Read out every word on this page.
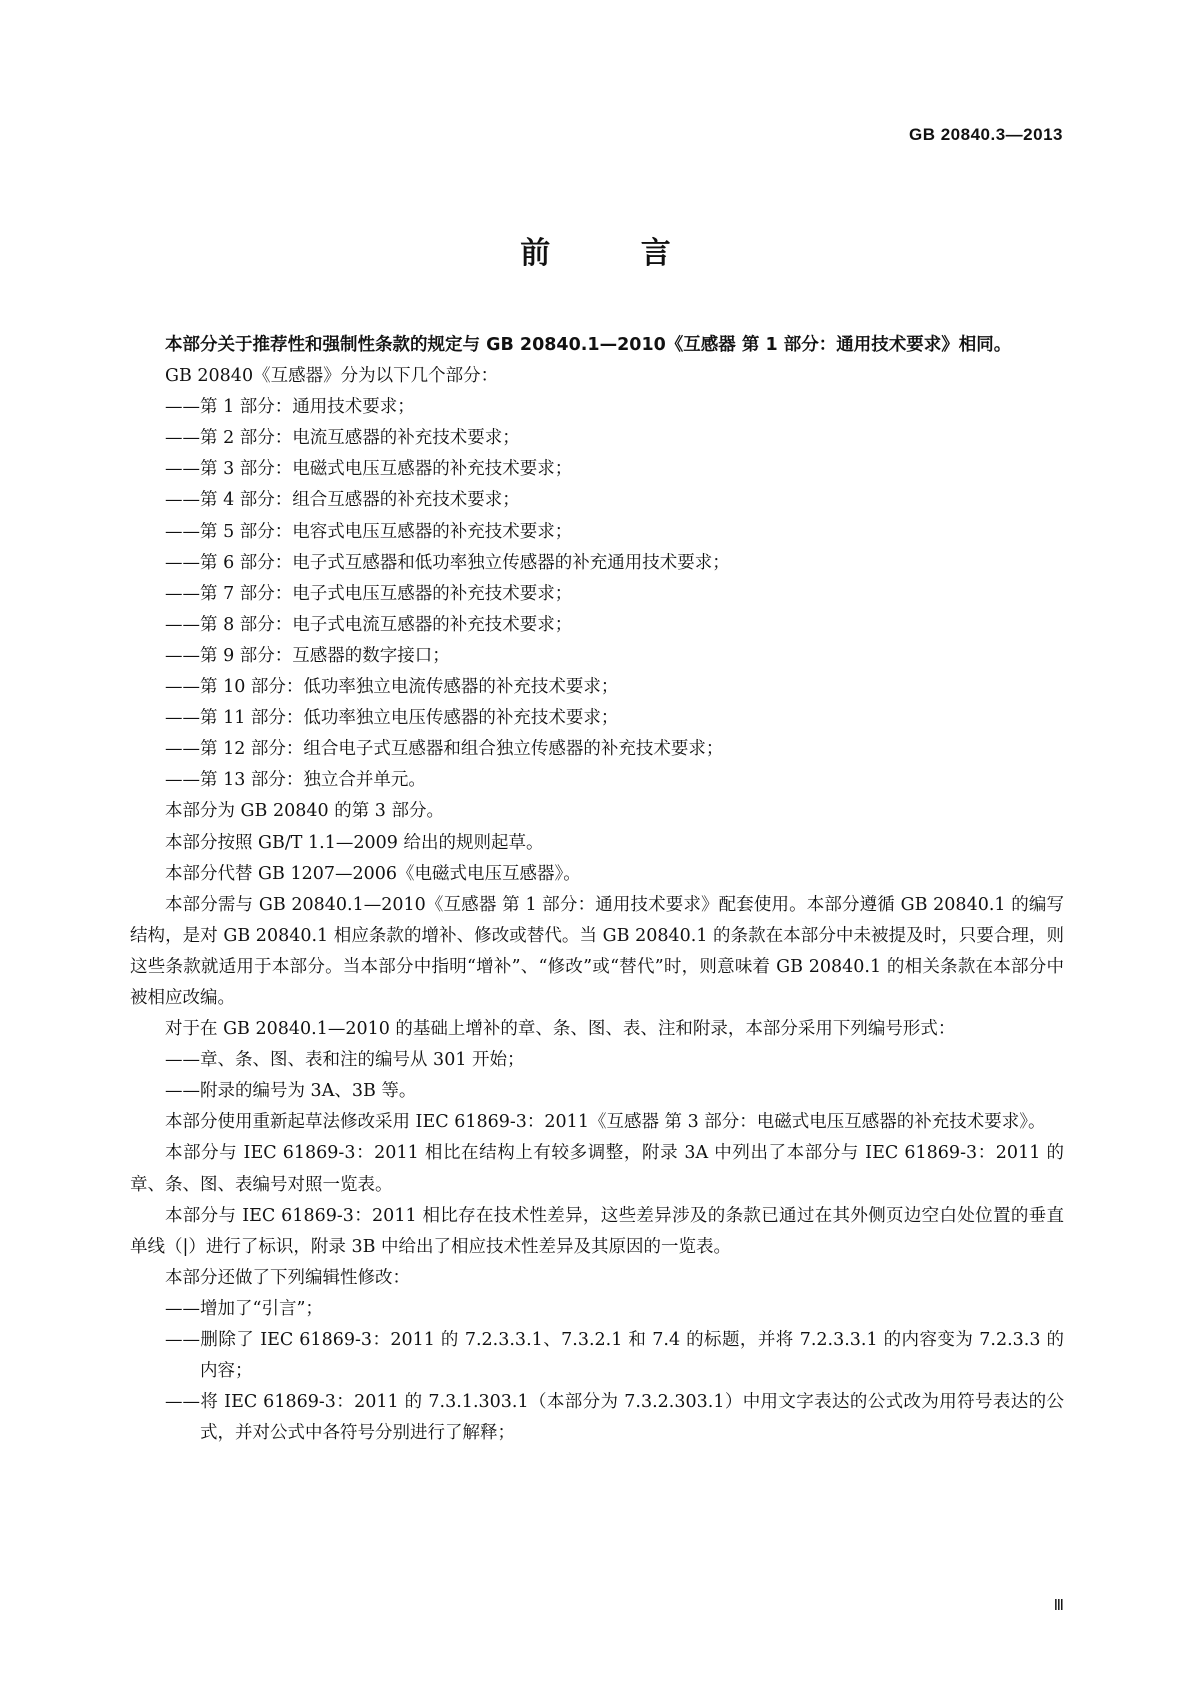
GB 20840.3—2013
前 言

本部分关于推荐性和强制性条款的规定与 GB 20840.1—2010《互感器 第 1 部分：通用技术要求》相同。

GB 20840《互感器》分为以下几个部分：

——第 1 部分：通用技术要求；

——第 2 部分：电流互感器的补充技术要求；

——第 3 部分：电磁式电压互感器的补充技术要求；

——第 4 部分：组合互感器的补充技术要求；

——第 5 部分：电容式电压互感器的补充技术要求；

——第 6 部分：电子式互感器和低功率独立传感器的补充通用技术要求；

——第 7 部分：电子式电压互感器的补充技术要求；

——第 8 部分：电子式电流互感器的补充技术要求；

——第 9 部分：互感器的数字接口；

——第 10 部分：低功率独立电流传感器的补充技术要求；

——第 11 部分：低功率独立电压传感器的补充技术要求；

——第 12 部分：组合电子式互感器和组合独立传感器的补充技术要求；

——第 13 部分：独立合并单元。

本部分为 GB 20840 的第 3 部分。

本部分按照 GB/T 1.1—2009 给出的规则起草。

本部分代替 GB 1207—2006《电磁式电压互感器》。

本部分需与 GB 20840.1—2010《互感器 第 1 部分：通用技术要求》配套使用。本部分遵循 GB 20840.1 的编写结构，是对 GB 20840.1 相应条款的增补、修改或替代。当 GB 20840.1 的条款在本部分中未被提及时，只要合理，则这些条款就适用于本部分。当本部分中指明“增补”、“修改”或“替代”时，则意味着 GB 20840.1 的相关条款在本部分中被相应改编。

对于在 GB 20840.1—2010 的基础上增补的章、条、图、表、注和附录，本部分采用下列编号形式：

——章、条、图、表和注的编号从 301 开始；

——附录的编号为 3A、3B 等。

本部分使用重新起草法修改采用 IEC 61869-3：2011《互感器 第 3 部分：电磁式电压互感器的补充技术要求》。

本部分与 IEC 61869-3：2011 相比在结构上有较多调整，附录 3A 中列出了本部分与 IEC 61869-3：2011 的章、条、图、表编号对照一览表。

本部分与 IEC 61869-3：2011 相比存在技术性差异，这些差异涉及的条款已通过在其外侧页边空白处位置的垂直单线（|）进行了标识，附录 3B 中给出了相应技术性差异及其原因的一览表。

本部分还做了下列编辑性修改：

——增加了“引言”；

——删除了 IEC 61869-3：2011 的 7.2.3.3.1、7.3.2.1 和 7.4 的标题，并将 7.2.3.3.1 的内容变为 7.2.3.3 的内容；

——将 IEC 61869-3：2011 的 7.3.1.303.1（本部分为 7.3.2.303.1）中用文字表达的公式改为用符号表达的公式，并对公式中各符号分别进行了解释；

Ⅲ
